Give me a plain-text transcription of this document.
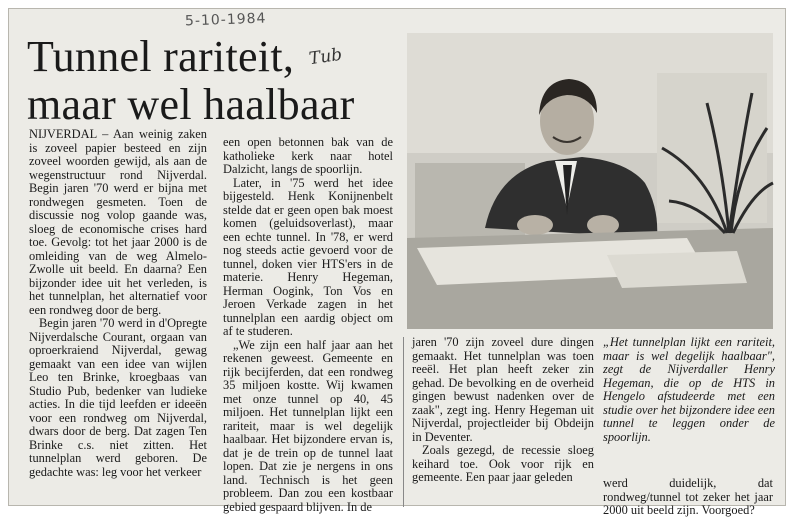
5-10-1984
Tub
Tunnel rariteit,
maar wel haalbaar

NIJVERDAL – Aan weinig zaken is zoveel papier besteed en zijn zoveel woorden gewijd, als aan de wegenstructuur rond Nijverdal. Begin jaren '70 werd er bijna met rondwegen gesmeten. Toen de discussie nog volop gaande was, sloeg de economische crises hard toe. Gevolg: tot het jaar 2000 is de omleiding van de weg Almelo-Zwolle uit beeld. En daarna? Een bijzonder idee uit het verleden, is het tunnelplan, het alternatief voor een rondweg door de berg.

Begin jaren '70 werd in d'Opregte Nijverdalsche Courant, orgaan van oproerkraiend Nijverdal, gewag gemaakt van een idee van wijlen Leo ten Brinke, kroegbaas van Studio Pub, bedenker van ludieke acties. In die tijd leefden er ideeën voor een rondweg om Nijverdal, dwars door de berg. Dat zagen Ten Brinke c.s. niet zitten. Het tunnelplan werd geboren. De gedachte was: leg voor het verkeer

een open betonnen bak van de katholieke kerk naar hotel Dalzicht, langs de spoorlijn.

Later, in '75 werd het idee bijgesteld. Henk Konijnenbelt stelde dat er geen open bak moest komen (geluidsoverlast), maar een echte tunnel. In '78, er werd nog steeds actie gevoerd voor de tunnel, doken vier HTS'ers in de materie. Henry Hegeman, Herman Oogink, Ton Vos en Jeroen Verkade zagen in het tunnelplan een aardig object om af te studeren.

„We zijn een half jaar aan het rekenen geweest. Gemeente en rijk becijferden, dat een rondweg 35 miljoen kostte. Wij kwamen met onze tunnel op 40, 45 miljoen. Het tunnelplan lijkt een rariteit, maar is wel degelijk haalbaar. Het bijzondere ervan is, dat je de trein op de tunnel laat lopen. Dat zie je nergens in ons land. Technisch is het geen probleem. Dan zou een kostbaar gebied gespaard blijven. In de

jaren '70 zijn zoveel dure dingen gemaakt. Het tunnelplan was toen reeël. Het plan heeft zeker zin gehad. De bevolking en de overheid gingen bewust nadenken over de zaak", zegt ing. Henry Hegeman uit Nijverdal, projectleider bij Obdeijn in Deventer.

Zoals gezegd, de recessie sloeg keihard toe. Ook voor rijk en gemeente. Een paar jaar geleden

„Het tunnelplan lijkt een rariteit, maar is wel degelijk haalbaar", zegt de Nijverdaller Henry Hegeman, die op de HTS in Hengelo afstudeerde met een studie over het bijzondere idee een tunnel te leggen onder de spoorlijn.
werd duidelijk, dat rondweg/tunnel tot zeker het jaar 2000 uit beeld zijn. Voorgoed?
